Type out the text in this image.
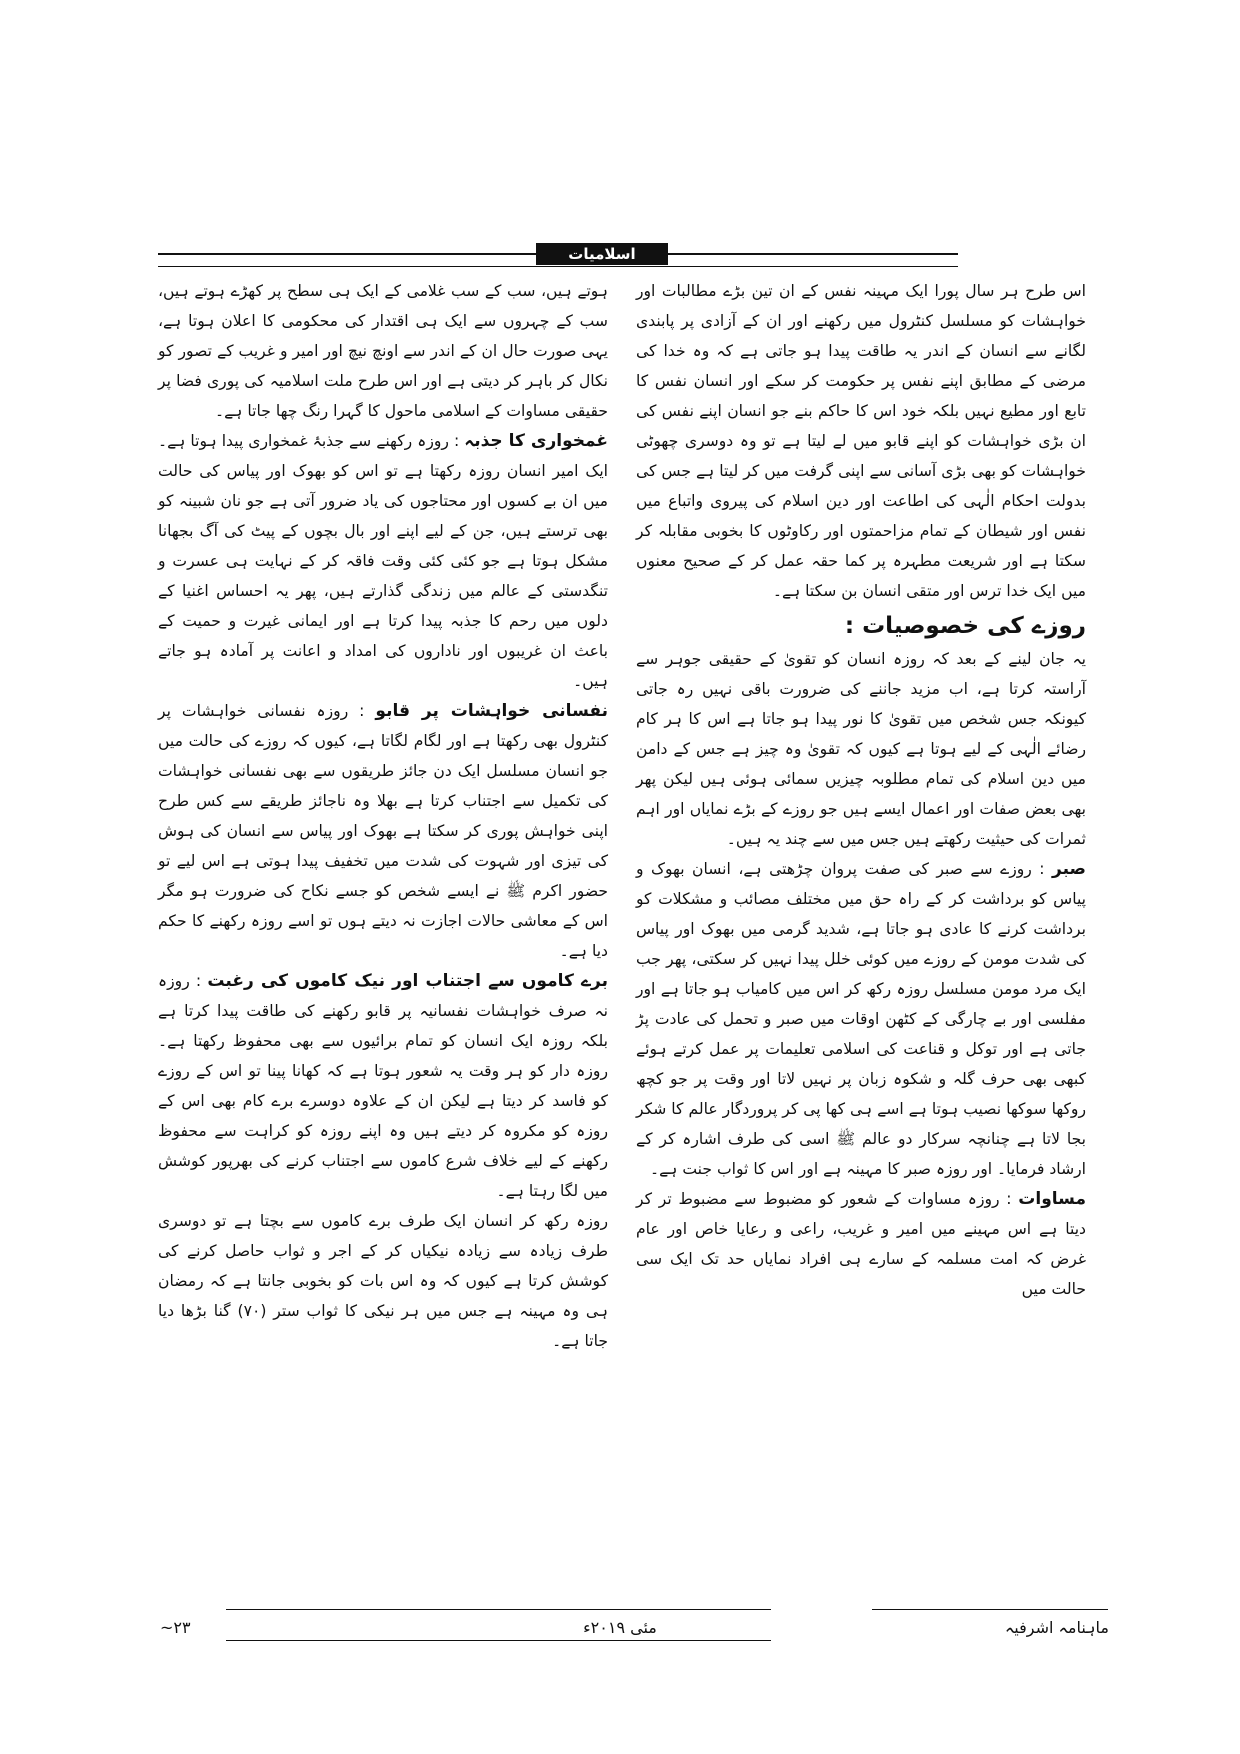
اسلامیات

اس طرح ہر سال پورا ایک مہینہ نفس کے ان تین بڑے مطالبات اور خواہشات کو مسلسل کنٹرول میں رکھنے اور ان کے آزادی پر پابندی لگانے سے انسان کے اندر یہ طاقت پیدا ہو جاتی ہے کہ وہ خدا کی مرضی کے مطابق اپنے نفس پر حکومت کر سکے اور انسان نفس کا تابع اور مطیع نہیں بلکہ خود اس کا حاکم بنے جو انسان اپنے نفس کی ان بڑی خواہشات کو اپنے قابو میں لے لیتا ہے تو وہ دوسری چھوٹی خواہشات کو بھی بڑی آسانی سے اپنی گرفت میں کر لیتا ہے جس کی بدولت احکام الٰہی کی اطاعت اور دین اسلام کی پیروی واتباع میں نفس اور شیطان کے تمام مزاحمتوں اور رکاوٹوں کا بخوبی مقابلہ کر سکتا ہے اور شریعت مطہرہ پر کما حقہ عمل کر کے صحیح معنوں میں ایک خدا ترس اور متقی انسان بن سکتا ہے۔

روزے کی خصوصیات :

یہ جان لینے کے بعد کہ روزہ انسان کو تقویٰ کے حقیقی جوہر سے آراستہ کرتا ہے، اب مزید جاننے کی ضرورت باقی نہیں رہ جاتی کیونکہ جس شخص میں تقویٰ کا نور پیدا ہو جاتا ہے اس کا ہر کام رضائے الٰہی کے لیے ہوتا ہے کیوں کہ تقویٰ وہ چیز ہے جس کے دامن میں دین اسلام کی تمام مطلوبہ چیزیں سمائی ہوئی ہیں لیکن پھر بھی بعض صفات اور اعمال ایسے ہیں جو روزے کے بڑے نمایاں اور اہم ثمرات کی حیثیت رکھتے ہیں جس میں سے چند یہ ہیں۔

صبر : روزے سے صبر کی صفت پروان چڑھتی ہے، انسان بھوک و پیاس کو برداشت کر کے راہ حق میں مختلف مصائب و مشکلات کو برداشت کرنے کا عادی ہو جاتا ہے، شدید گرمی میں بھوک اور پیاس کی شدت مومن کے روزے میں کوئی خلل پیدا نہیں کر سکتی، پھر جب ایک مرد مومن مسلسل روزہ رکھ کر اس میں کامیاب ہو جاتا ہے اور مفلسی اور بے چارگی کے کٹھن اوقات میں صبر و تحمل کی عادت پڑ جاتی ہے اور توکل و قناعت کی اسلامی تعلیمات پر عمل کرتے ہوئے کبھی بھی حرف گلہ و شکوہ زبان پر نہیں لاتا اور وقت پر جو کچھ روکھا سوکھا نصیب ہوتا ہے اسے ہی کھا پی کر پروردگار عالم کا شکر بجا لاتا ہے چنانچہ سرکار دو عالم ﷺ اسی کی طرف اشارہ کر کے ارشاد فرمایا۔ اور روزہ صبر کا مہینہ ہے اور اس کا ثواب جنت ہے۔

مساوات : روزہ مساوات کے شعور کو مضبوط سے مضبوط تر کر دیتا ہے اس مہینے میں امیر و غریب، راعی و رعایا خاص اور عام غرض کہ امت مسلمہ کے سارے ہی افراد نمایاں حد تک ایک سی حالت میں

ہوتے ہیں، سب کے سب غلامی کے ایک ہی سطح پر کھڑے ہوتے ہیں، سب کے چہروں سے ایک ہی اقتدار کی محکومی کا اعلان ہوتا ہے، یہی صورت حال ان کے اندر سے اونچ نیچ اور امیر و غریب کے تصور کو نکال کر باہر کر دیتی ہے اور اس طرح ملت اسلامیہ کی پوری فضا پر حقیقی مساوات کے اسلامی ماحول کا گہرا رنگ چھا جاتا ہے۔

غمخواری کا جذبہ : روزہ رکھنے سے جذبۂ غمخواری پیدا ہوتا ہے۔ ایک امیر انسان روزہ رکھتا ہے تو اس کو بھوک اور پیاس کی حالت میں ان بے کسوں اور محتاجوں کی یاد ضرور آتی ہے جو نان شبینہ کو بھی ترستے ہیں، جن کے لیے اپنے اور بال بچوں کے پیٹ کی آگ بجھانا مشکل ہوتا ہے جو کئی کئی وقت فاقہ کر کے نہایت ہی عسرت و تنگدستی کے عالم میں زندگی گذارتے ہیں، پھر یہ احساس اغنیا کے دلوں میں رحم کا جذبہ پیدا کرتا ہے اور ایمانی غیرت و حمیت کے باعث ان غریبوں اور ناداروں کی امداد و اعانت پر آمادہ ہو جاتے ہیں۔

نفسانی خواہشات پر قابو : روزہ نفسانی خواہشات پر کنٹرول بھی رکھتا ہے اور لگام لگاتا ہے، کیوں کہ روزے کی حالت میں جو انسان مسلسل ایک دن جائز طریقوں سے بھی نفسانی خواہشات کی تکمیل سے اجتناب کرتا ہے بھلا وہ ناجائز طریقے سے کس طرح اپنی خواہش پوری کر سکتا ہے بھوک اور پیاس سے انسان کی ہوش کی تیزی اور شہوت کی شدت میں تخفیف پیدا ہوتی ہے اس لیے تو حضور اکرم ﷺ نے ایسے شخص کو جسے نکاح کی ضرورت ہو مگر اس کے معاشی حالات اجازت نہ دیتے ہوں تو اسے روزہ رکھنے کا حکم دیا ہے۔

برے کاموں سے اجتناب اور نیک کاموں کی رغبت : روزہ نہ صرف خواہشات نفسانیہ پر قابو رکھنے کی طاقت پیدا کرتا ہے بلکہ روزہ ایک انسان کو تمام برائیوں سے بھی محفوظ رکھتا ہے۔ روزہ دار کو ہر وقت یہ شعور ہوتا ہے کہ کھانا پینا تو اس کے روزے کو فاسد کر دیتا ہے لیکن ان کے علاوہ دوسرے برے کام بھی اس کے روزہ کو مکروہ کر دیتے ہیں وہ اپنے روزہ کو کراہت سے محفوظ رکھنے کے لیے خلاف شرع کاموں سے اجتناب کرنے کی بھرپور کوشش میں لگا رہتا ہے۔

روزہ رکھ کر انسان ایک طرف برے کاموں سے بچتا ہے تو دوسری طرف زیادہ سے زیادہ نیکیاں کر کے اجر و ثواب حاصل کرنے کی کوشش کرتا ہے کیوں کہ وہ اس بات کو بخوبی جانتا ہے کہ رمضان ہی وہ مہینہ ہے جس میں ہر نیکی کا ثواب ستر (۷۰) گنا بڑھا دیا جاتا ہے۔

ماہنامہ اشرفیہ
مئی ۲۰۱۹ء
~۲۳
